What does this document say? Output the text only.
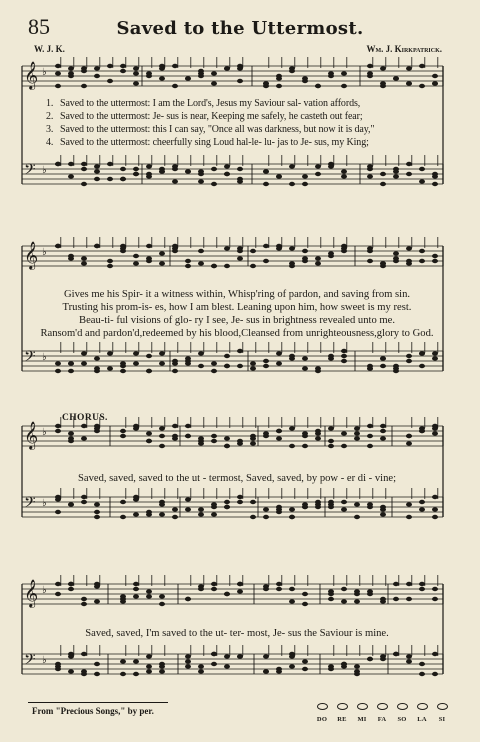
85	Saved to the Uttermost.
W. J. K.	Wm. J. Kirkpatrick.
𝄞 ♭
𝄢 ♭
𝄞 ♭
𝄢 ♭
𝄞 ♭
𝄢 ♭
𝄞 ♭
𝄢 ♭
1. Saved to the uttermost: I am the Lord's, Jesus my Saviour sal- vation affords,
2. Saved to the uttermost: Je- sus is near, Keeping me safely, he casteth out fear;
3. Saved to the uttermost: this I can say, "Once all was darkness, but now it is day,"
4. Saved to the uttermost: cheerfully sing Loud hal-le- lu- jas to Je- sus, my King;
Gives me his Spir- it a witness within, Whisp'ring of pardon, and saving from sin.
Trusting his prom-is- es, how I am blest. Leaning upon him, how sweet is my rest.
Beau-ti- ful visions of glo- ry I see, Je- sus in brightness revealed unto me.
Ransom'd and pardon'd,redeemed by his blood,Cleansed from unrighteousness,glory to God.
CHORUS.
Saved, saved, saved to the ut - termost, Saved, saved, by pow - er di - vine;
Saved, saved, I'm saved to the ut- ter- most, Je- sus the Saviour is mine.
From "Precious Songs," by per.
DO	RE	MI	FA	SO	LA	SI
